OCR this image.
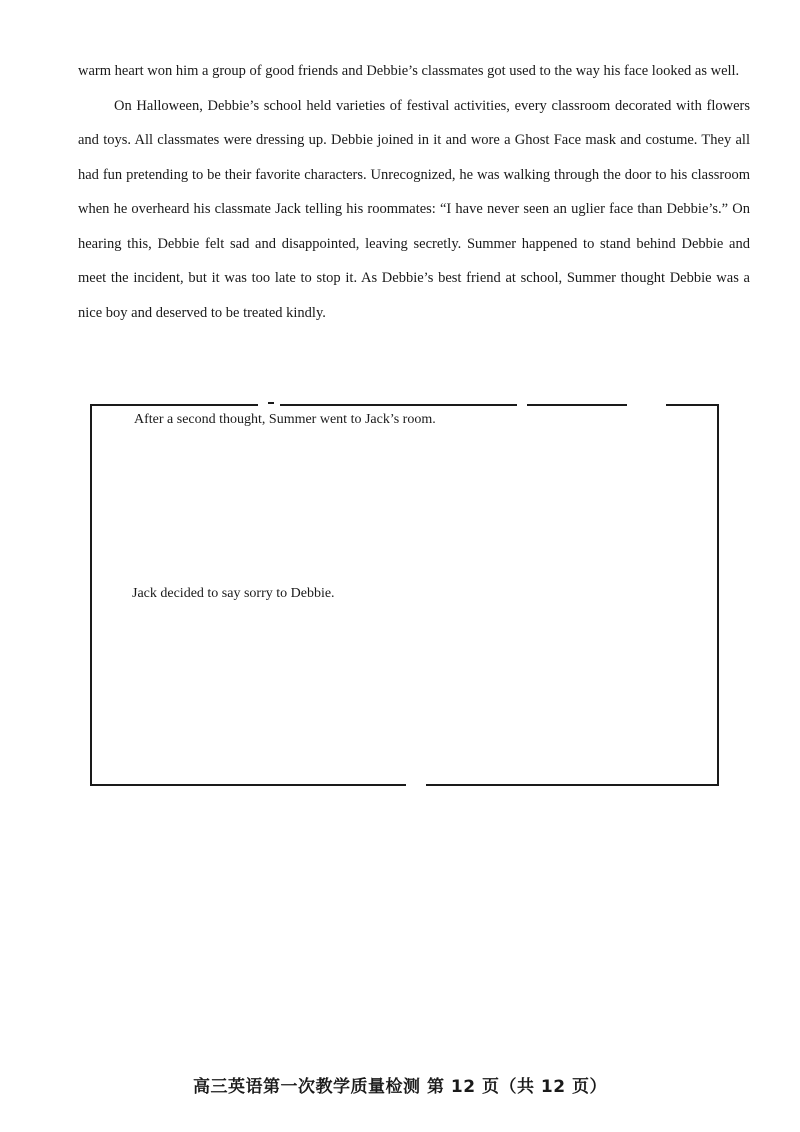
warm heart won him a group of good friends and Debbie’s classmates got used to the way his face looked as well.

On Halloween, Debbie’s school held varieties of festival activities, every classroom decorated with flowers and toys. All classmates were dressing up. Debbie joined in it and wore a Ghost Face mask and costume. They all had fun pretending to be their favorite characters. Unrecognized, he was walking through the door to his classroom when he overheard his classmate Jack telling his roommates: “I have never seen an uglier face than Debbie’s.” On hearing this, Debbie felt sad and disappointed, leaving secretly. Summer happened to stand behind Debbie and meet the incident, but it was too late to stop it. As Debbie’s best friend at school, Summer thought Debbie was a nice boy and deserved to be treated kindly.

After a second thought, Summer went to Jack’s room.
Jack decided to say sorry to Debbie.
高三英语第一次教学质量检测 第 12 页（共 12 页）
